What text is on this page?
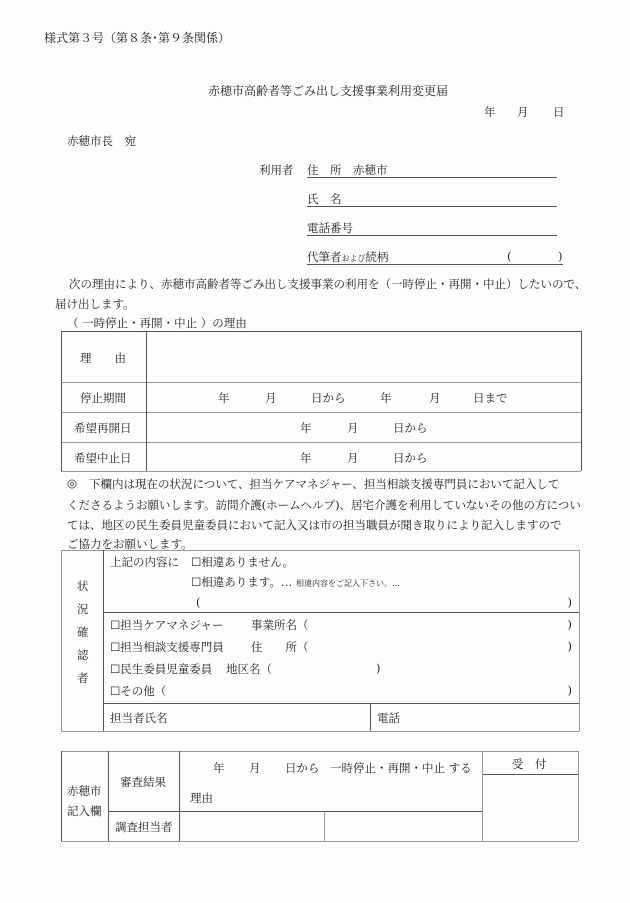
様式第３号（第８条･第９条関係）
赤穂市高齢者等ごみ出し支援事業利用変更届
年 月 日
赤穂市長　宛
利用者 住　所 赤穂市
氏　名
電話番号
代筆者および続柄	(	)
次の理由により、赤穂市高齢者等ごみ出し支援事業の利用を（一時停止・再開・中止）したいので、
届け出します。
（ 一時停止・再開・中止 ）の理由
理　　由
停止期間	年	月	日から	年	月	日まで
希望再開日	年	月	日から
希望中止日	年	月	日から
◎ 下欄内は現在の状況について、担当ケアマネジャー、担当相談支援専門員において記入して
くださるようお願いします。訪問介護(ホームヘルプ)、居宅介護を利用していないその他の方につい
ては、地区の民生委員児童委員において記入又は市の担当職員が聞き取りにより記入しますので
ご協力をお願いします。
状
況
確
認
者
上記の内容に ☐相違ありません。
☐相違あります。… 相違内容をご記入下さい。…
(	)
☐担当ケアマネジャー 事業所名（	)
☐担当相談支援専門員 住　　所（	)
☐民生委員児童委員 地区名（	)
☐その他（	)
担当者氏名	電話
赤穂市
記入欄
審査結果
年 月 日から 一時停止・再開・中止 する
理由
調査担当者
受　付
